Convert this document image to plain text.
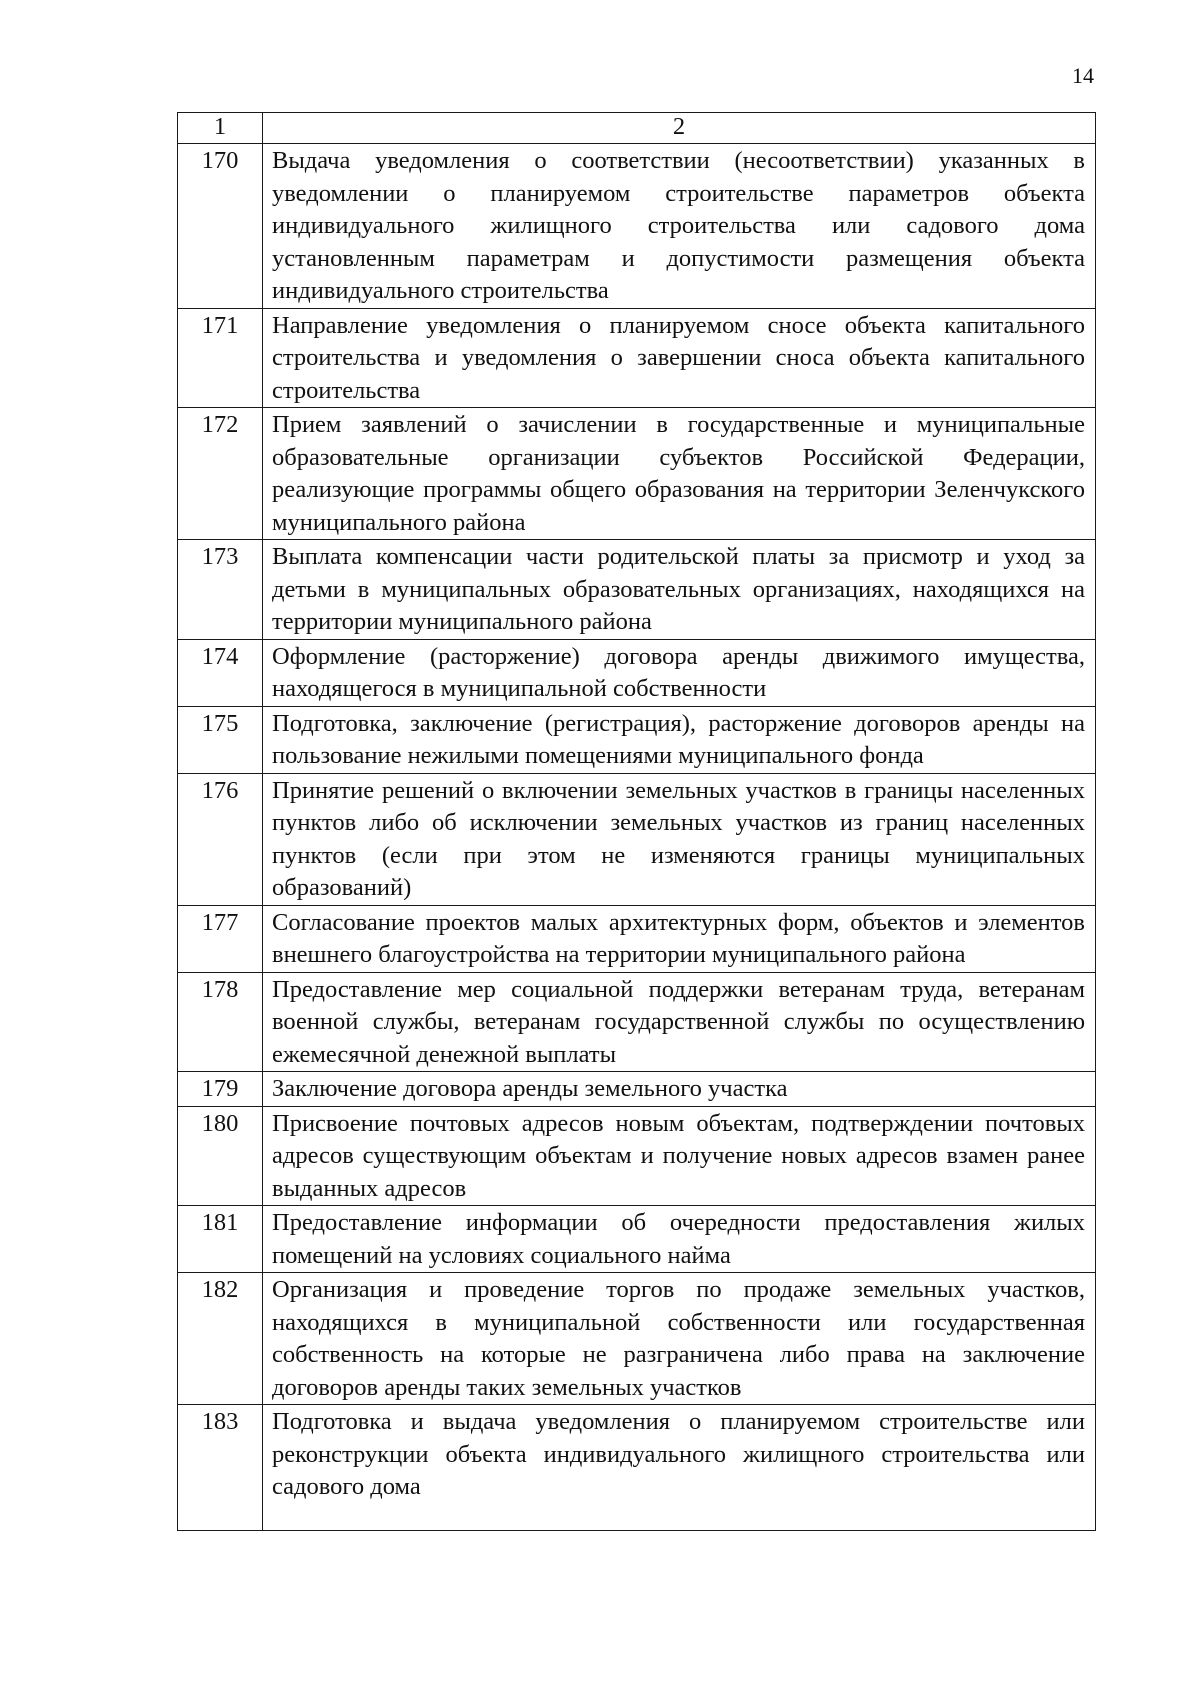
14
1	2
170	Выдача уведомления о соответствии (несоответствии) указанных в уведомлении о планируемом строительстве параметров объекта индивидуального жилищного строительства или садового дома установленным параметрам и допустимости размещения объекта индивидуального строительства
171	Направление уведомления о планируемом сносе объекта капитального строительства и уведомления о завершении сноса объекта капитального строительства
172	Прием заявлений о зачислении в государственные и муниципальные образовательные организации субъектов Российской Федерации, реализующие программы общего образования на территории Зеленчукского муниципального района
173	Выплата компенсации части родительской платы за присмотр и уход за детьми в муниципальных образовательных организациях, находящихся на территории муниципального района
174	Оформление (расторжение) договора аренды движимого имущества, находящегося в муниципальной собственности
175	Подготовка, заключение (регистрация), расторжение договоров аренды на пользование нежилыми помещениями муниципального фонда
176	Принятие решений о включении земельных участков в границы населенных пунктов либо об исключении земельных участков из границ населенных пунктов (если при этом не изменяются границы муниципальных образований)
177	Согласование проектов малых архитектурных форм, объектов и элементов внешнего благоустройства на территории муниципального района
178	Предоставление мер социальной поддержки ветеранам труда, ветеранам военной службы, ветеранам государственной службы по осуществлению ежемесячной денежной выплаты
179	Заключение договора аренды земельного участка
180	Присвоение почтовых адресов новым объектам, подтверждении почтовых адресов существующим объектам и получение новых адресов взамен ранее выданных адресов
181	Предоставление информации об очередности предоставления жилых помещений на условиях социального найма
182	Организация и проведение торгов по продаже земельных участков, находящихся в муниципальной собственности или государственная собственность на которые не разграничена либо права на заключение договоров аренды таких земельных участков
183	Подготовка и выдача уведомления о планируемом строительстве или реконструкции объекта индивидуального жилищного строительства или садового дома
